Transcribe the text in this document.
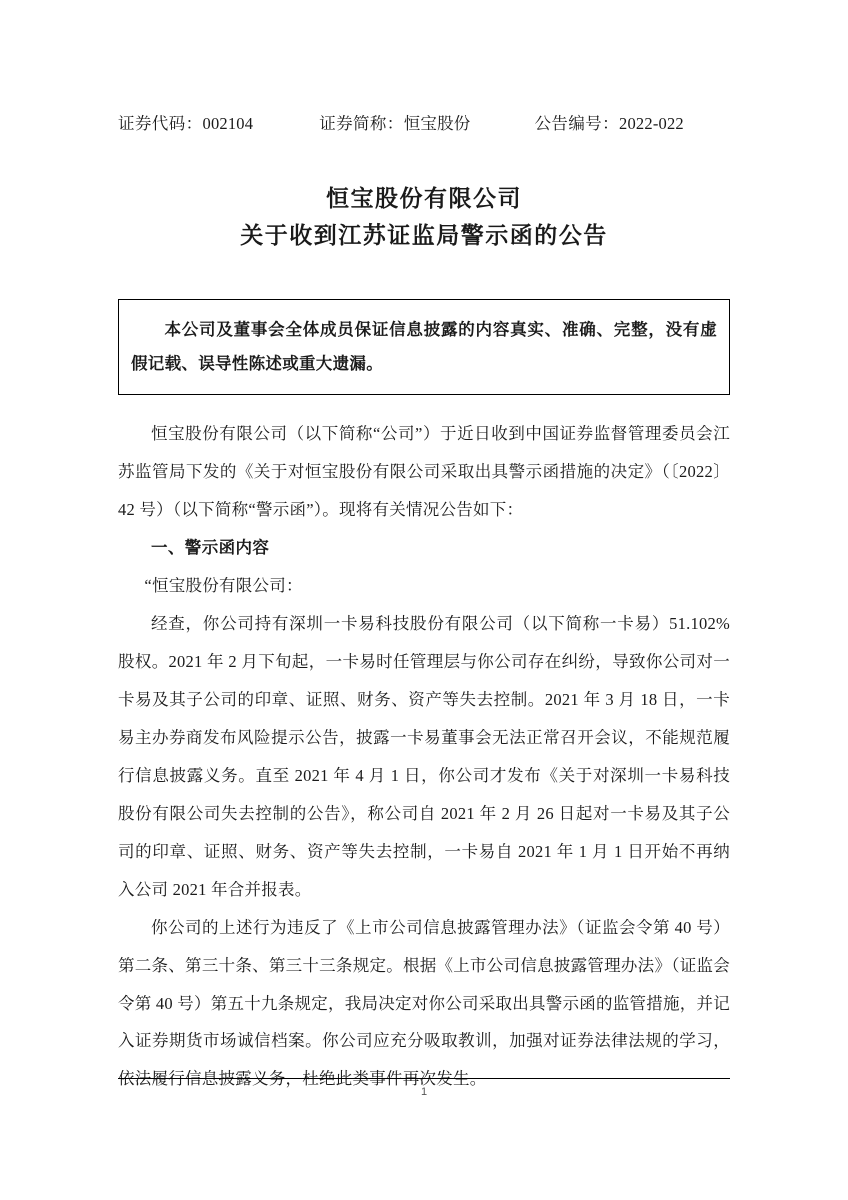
证券代码：002104	证券简称：恒宝股份	公告编号：2022-022
恒宝股份有限公司
关于收到江苏证监局警示函的公告
本公司及董事会全体成员保证信息披露的内容真实、准确、完整，没有虚假记载、误导性陈述或重大遗漏。

恒宝股份有限公司（以下简称“公司”）于近日收到中国证券监督管理委员会江苏监管局下发的《关于对恒宝股份有限公司采取出具警示函措施的决定》（〔2022〕42 号）（以下简称“警示函”）。现将有关情况公告如下：

一、警示函内容

“恒宝股份有限公司：

经查，你公司持有深圳一卡易科技股份有限公司（以下简称一卡易）51.102%股权。2021 年 2 月下旬起，一卡易时任管理层与你公司存在纠纷，导致你公司对一卡易及其子公司的印章、证照、财务、资产等失去控制。2021 年 3 月 18 日，一卡易主办券商发布风险提示公告，披露一卡易董事会无法正常召开会议，不能规范履行信息披露义务。直至 2021 年 4 月 1 日，你公司才发布《关于对深圳一卡易科技股份有限公司失去控制的公告》，称公司自 2021 年 2 月 26 日起对一卡易及其子公司的印章、证照、财务、资产等失去控制，一卡易自 2021 年 1 月 1 日开始不再纳入公司 2021 年合并报表。

你公司的上述行为违反了《上市公司信息披露管理办法》（证监会令第 40 号）第二条、第三十条、第三十三条规定。根据《上市公司信息披露管理办法》（证监会令第 40 号）第五十九条规定，我局决定对你公司采取出具警示函的监管措施，并记入证券期货市场诚信档案。你公司应充分吸取教训，加强对证券法律法规的学习，依法履行信息披露义务，杜绝此类事件再次发生。

1
